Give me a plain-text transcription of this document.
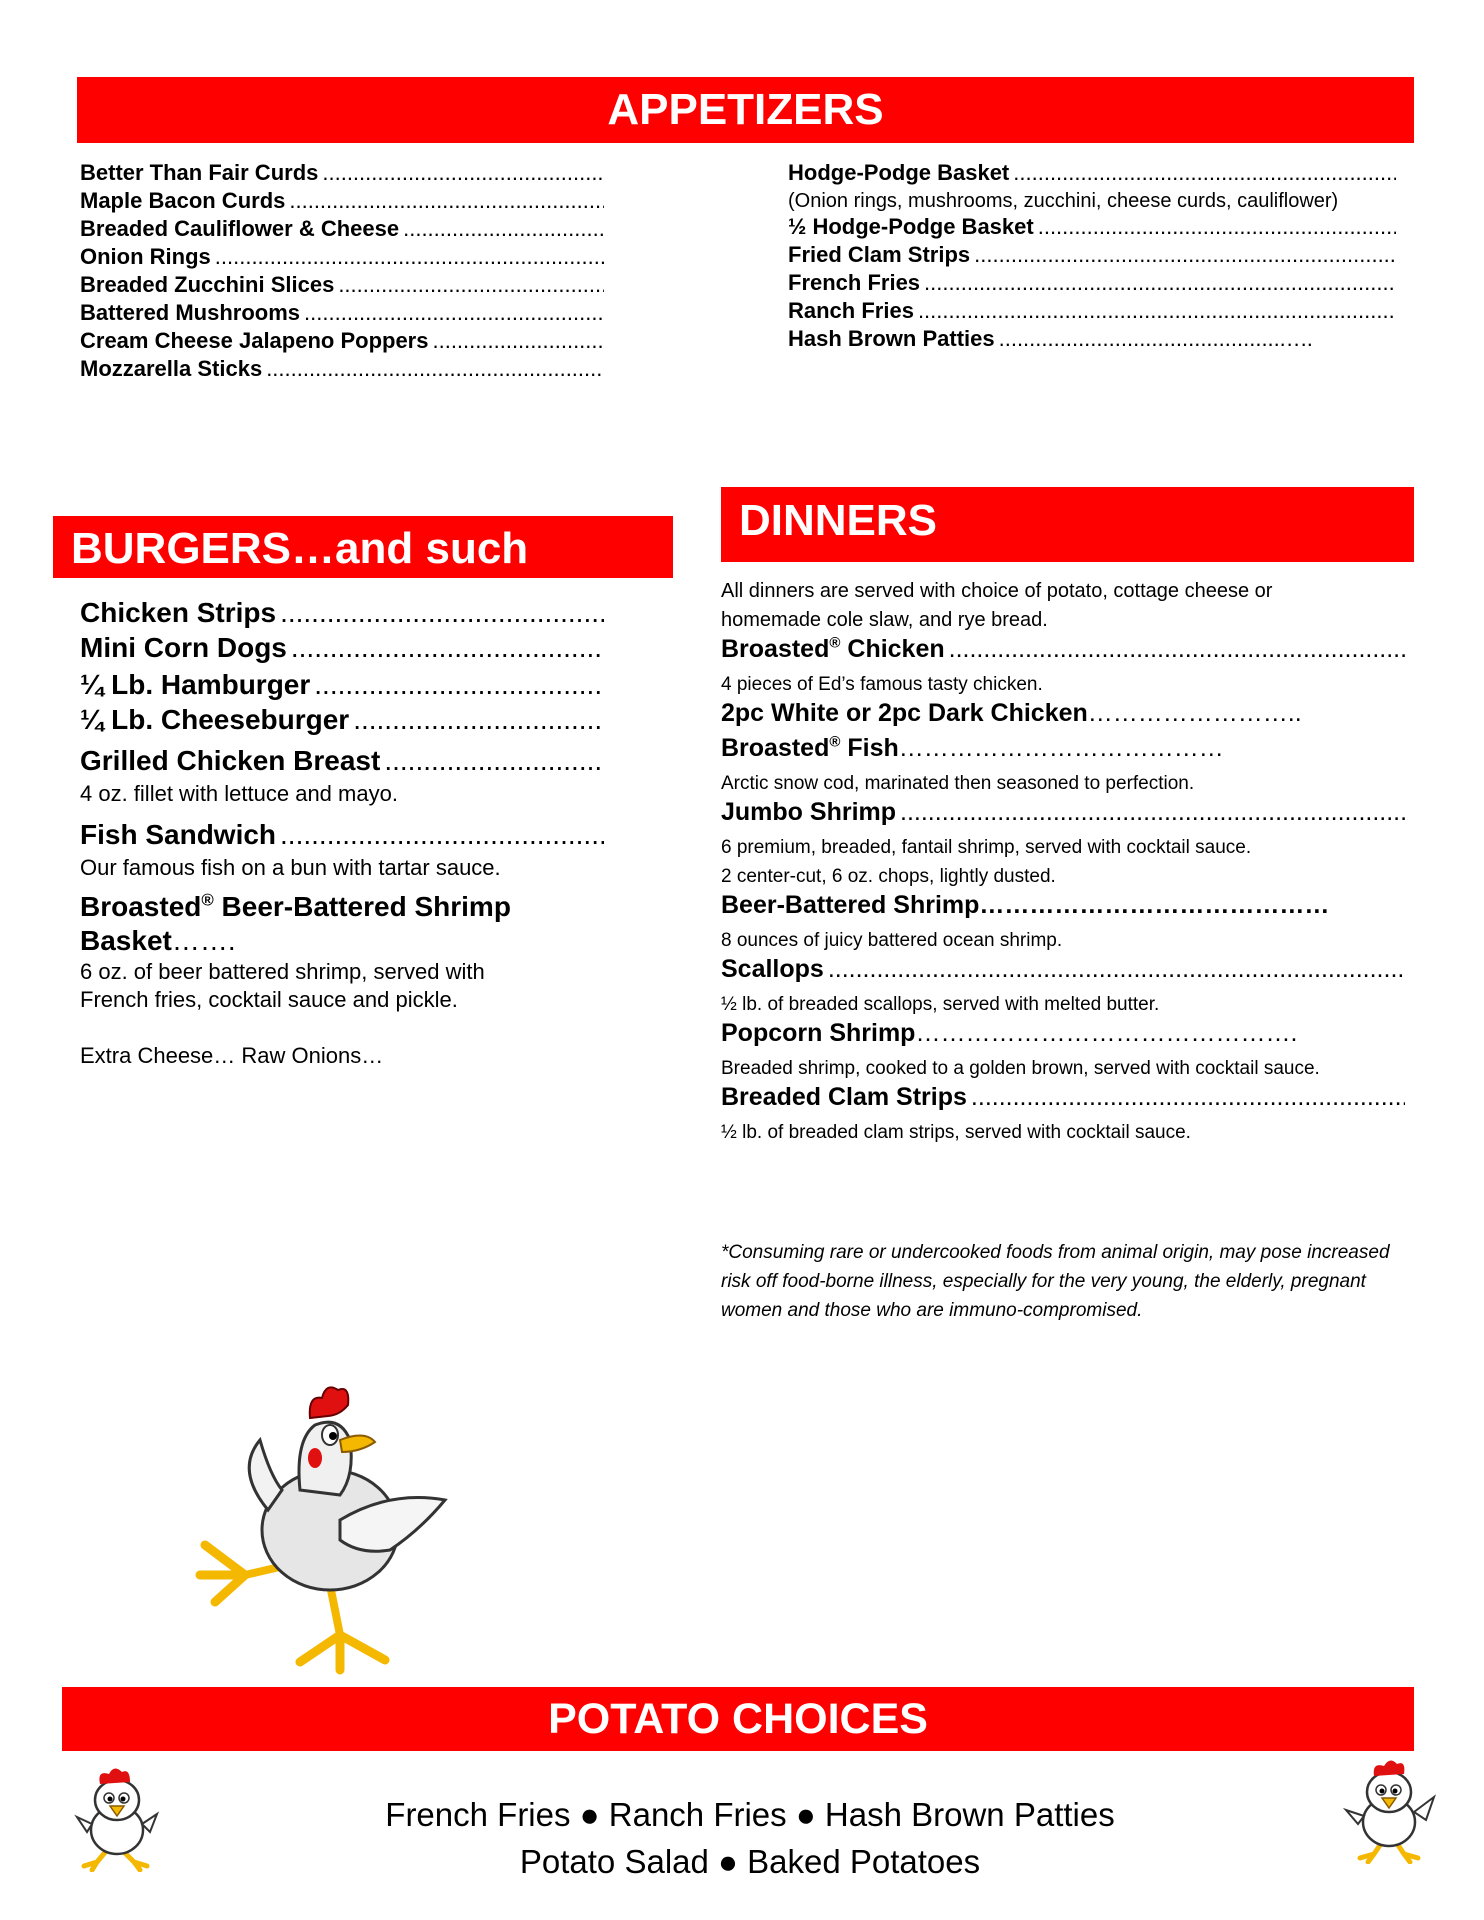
APPETIZERS
BURGERS…and such
DINNERS
POTATO CHOICES
Better Than Fair Curds
.....
Maple Bacon Curds
.....
Breaded Cauliflower & Cheese
.....
Onion Rings
.....
Breaded Zucchini Slices
.....
Battered Mushrooms
.....
Cream Cheese Jalapeno Poppers
.....
Mozzarella Sticks
.....
Hodge-Podge Basket
.....
(Onion rings, mushrooms, zucchini, cheese curds, cauliflower)
½ Hodge-Podge Basket
.....
Fried Clam Strips
.....
French Fries
.....
Ranch Fries
.....
Hash Brown Patties
.....	…..
Chicken Strips
.....
Mini Corn Dogs
.....
¼ Lb. Hamburger
.....
¼ Lb. Cheeseburger
.....
Grilled Chicken Breast
.....
4 oz. fillet with lettuce and mayo.
Fish Sandwich
.....
Our famous fish on a bun with tartar sauce.
Broasted® Beer-Battered Shrimp
Basket…….
6 oz. of beer battered shrimp, served with
French fries, cocktail sauce and pickle.
Extra Cheese… Raw Onions…
All dinners are served with choice of potato, cottage cheese or homemade cole slaw, and rye bread.
Broasted® Chicken
.....
4 pieces of Ed’s famous tasty chicken.
2pc White or 2pc Dark Chicken ……………………..
Broasted® Fish …………………………………
Arctic snow cod, marinated then seasoned to perfection.
Jumbo Shrimp
.....
6 premium, breaded, fantail shrimp, served with cocktail sauce.
2 center-cut, 6 oz. chops, lightly dusted.
Beer-Battered Shrimp ……………………………………
8 ounces of juicy battered ocean shrimp.
Scallops
.....
½ lb. of breaded scallops, served with melted butter.
Popcorn Shrimp ……………………………………….
Breaded shrimp, cooked to a golden brown, served with cocktail sauce.
Breaded Clam Strips
.....
½ lb. of breaded clam strips, served with cocktail sauce.
*Consuming rare or undercooked foods from animal origin, may pose increased risk off food-borne illness, especially for the very young, the elderly, pregnant women and those who are immuno-compromised.
French Fries ● Ranch Fries ● Hash Brown Patties
Potato Salad ● Baked Potatoes
